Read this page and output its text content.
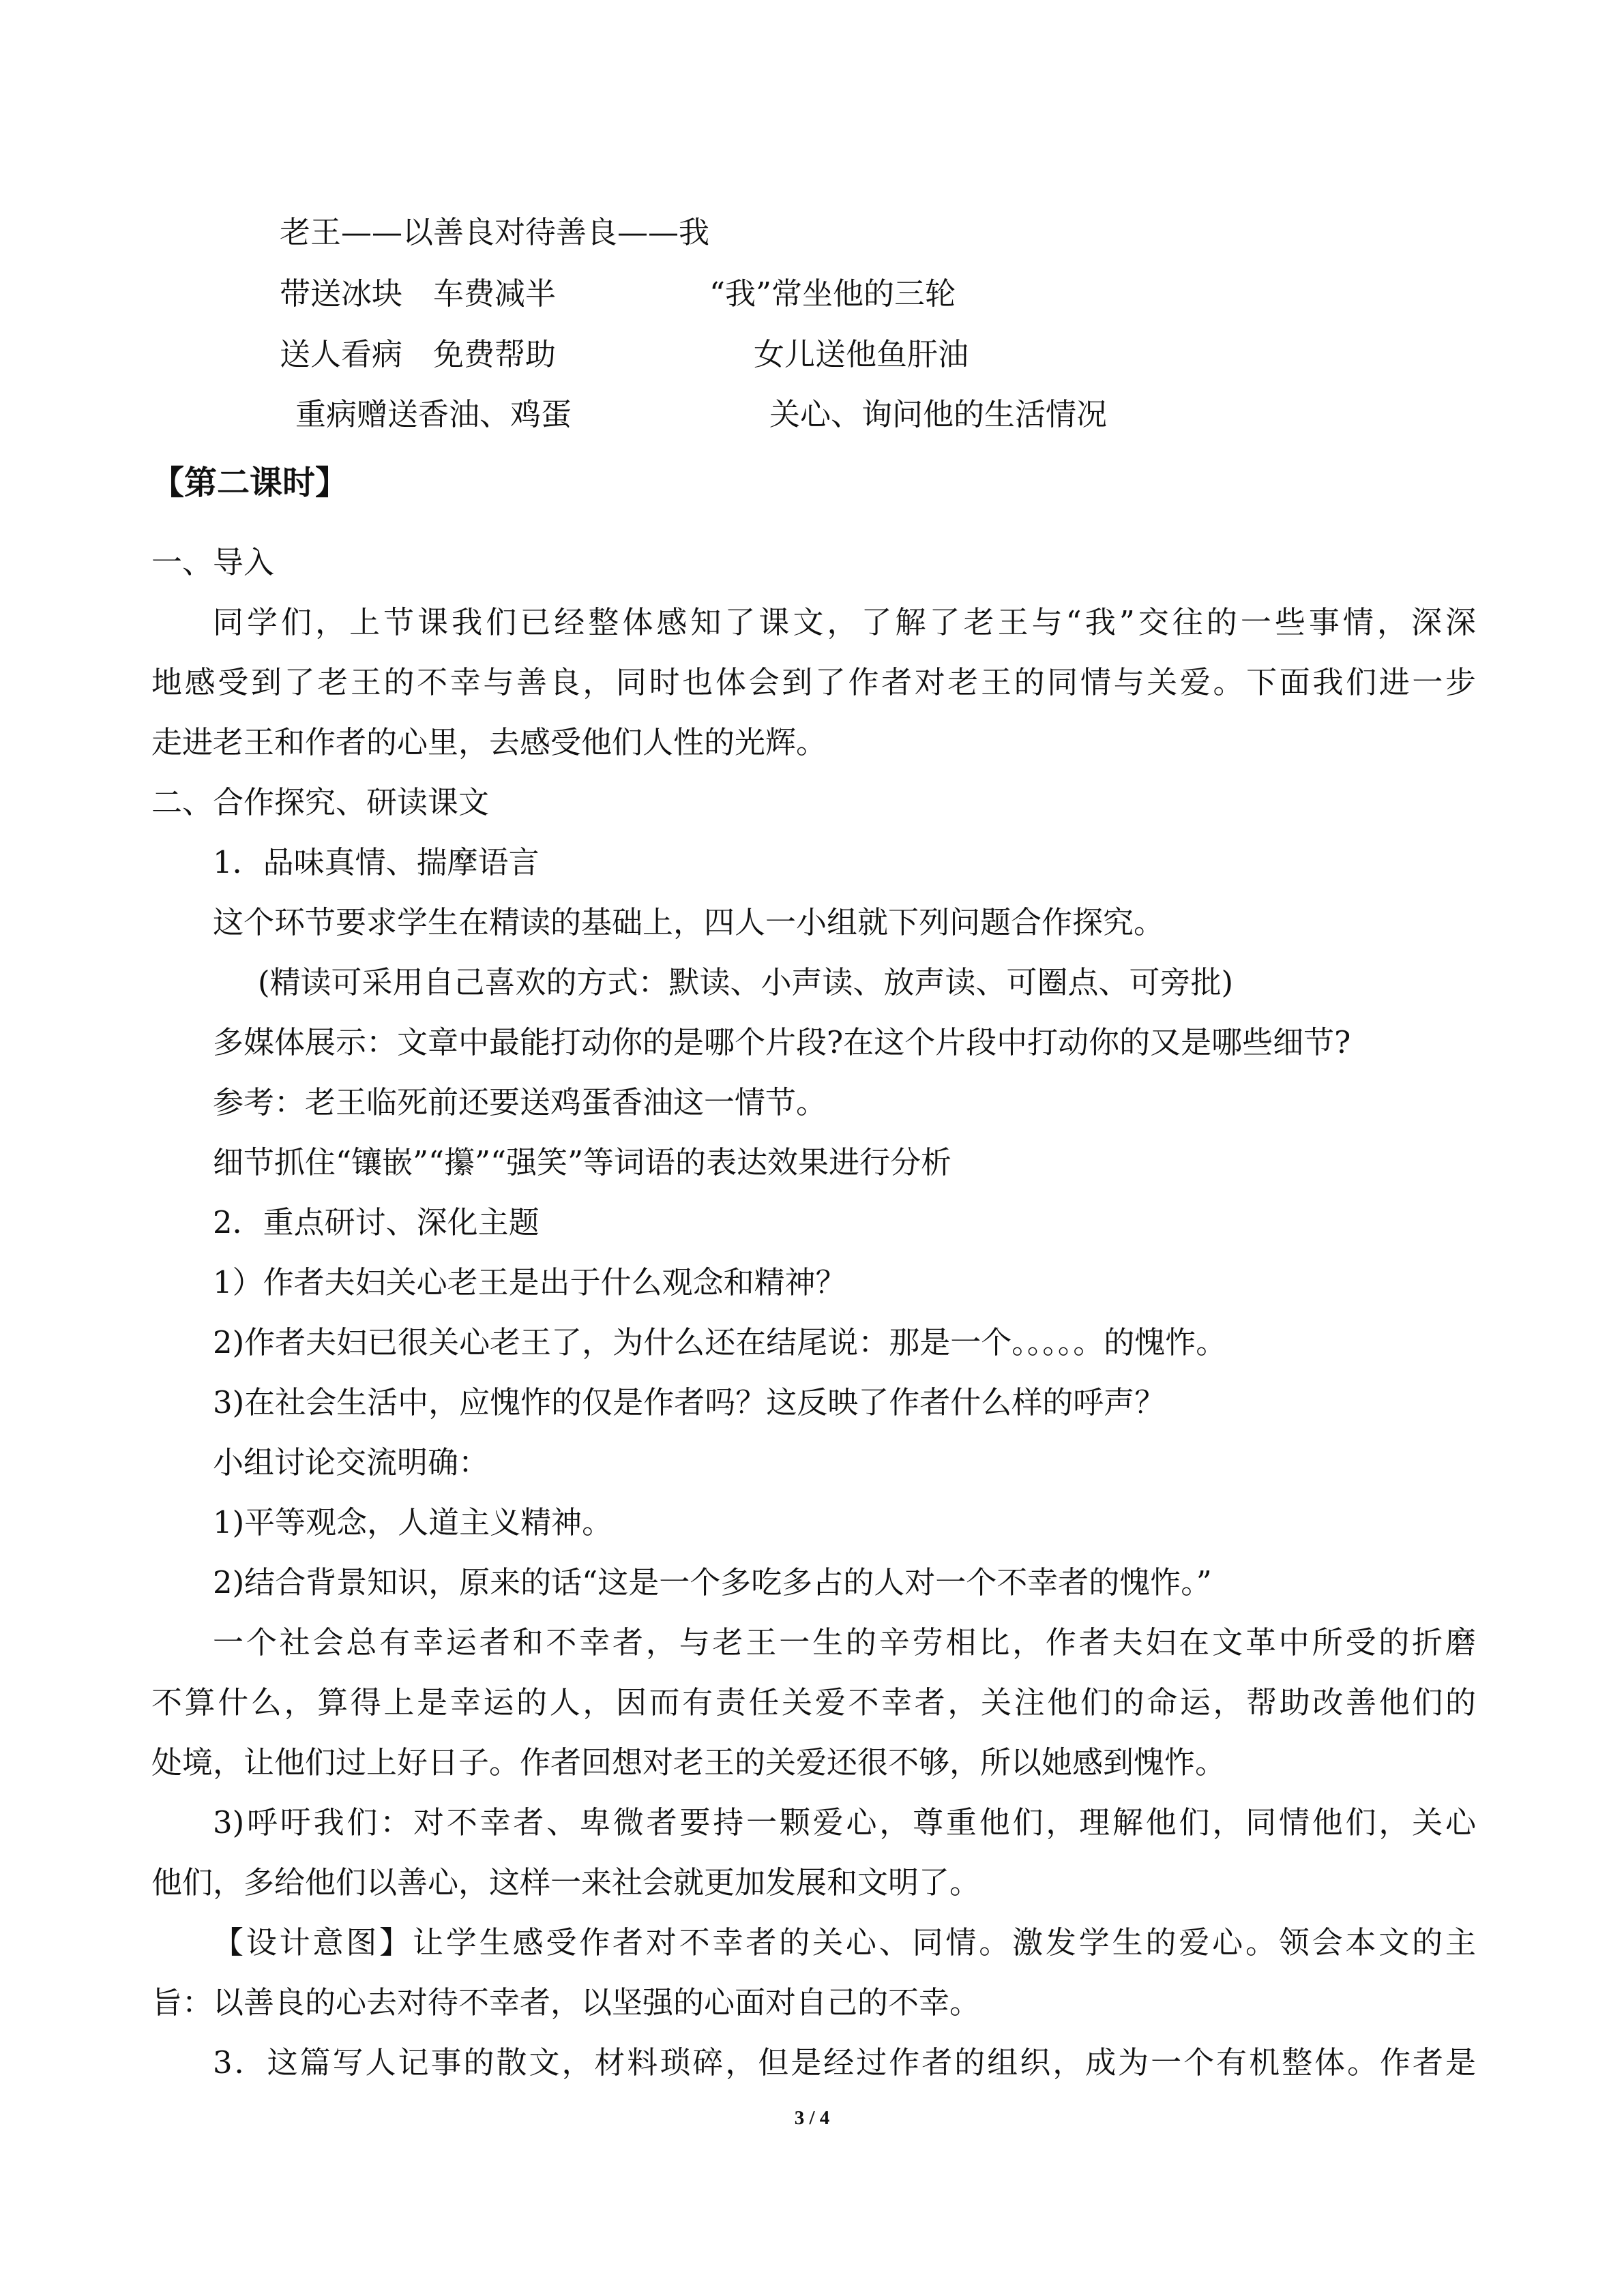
老王——以善良对待善良——我
带送冰块　车费减半	“我”常坐他的三轮
送人看病　免费帮助	女儿送他鱼肝油
重病赠送香油、鸡蛋	关心、询问他的生活情况
【第二课时】
一、导入
同学们，上节课我们已经整体感知了课文，了解了老王与“我”交往的一些事情，深深
地感受到了老王的不幸与善良，同时也体会到了作者对老王的同情与关爱。下面我们进一步
走进老王和作者的心里，去感受他们人性的光辉。
二、合作探究、研读课文
1．品味真情、揣摩语言
这个环节要求学生在精读的基础上，四人一小组就下列问题合作探究。
(精读可采用自己喜欢的方式：默读、小声读、放声读、可圈点、可旁批)
多媒体展示：文章中最能打动你的是哪个片段?在这个片段中打动你的又是哪些细节?
参考：老王临死前还要送鸡蛋香油这一情节。
细节抓住“镶嵌”“攥”“强笑”等词语的表达效果进行分析
2．重点研讨、深化主题
1）作者夫妇关心老王是出于什么观念和精神？
2)作者夫妇已很关心老王了，为什么还在结尾说：那是一个。。。。。的愧怍。
3)在社会生活中，应愧怍的仅是作者吗？这反映了作者什么样的呼声？
小组讨论交流明确：
1)平等观念，人道主义精神。
2)结合背景知识，原来的话“这是一个多吃多占的人对一个不幸者的愧怍。”
一个社会总有幸运者和不幸者，与老王一生的辛劳相比，作者夫妇在文革中所受的折磨
不算什么，算得上是幸运的人，因而有责任关爱不幸者，关注他们的命运，帮助改善他们的
处境，让他们过上好日子。作者回想对老王的关爱还很不够，所以她感到愧怍。
3)呼吁我们：对不幸者、卑微者要持一颗爱心，尊重他们，理解他们，同情他们，关心
他们，多给他们以善心，这样一来社会就更加发展和文明了。
【设计意图】让学生感受作者对不幸者的关心、同情。激发学生的爱心。领会本文的主
旨：以善良的心去对待不幸者，以坚强的心面对自己的不幸。
3．这篇写人记事的散文，材料琐碎，但是经过作者的组织，成为一个有机整体。作者是
3 / 4
